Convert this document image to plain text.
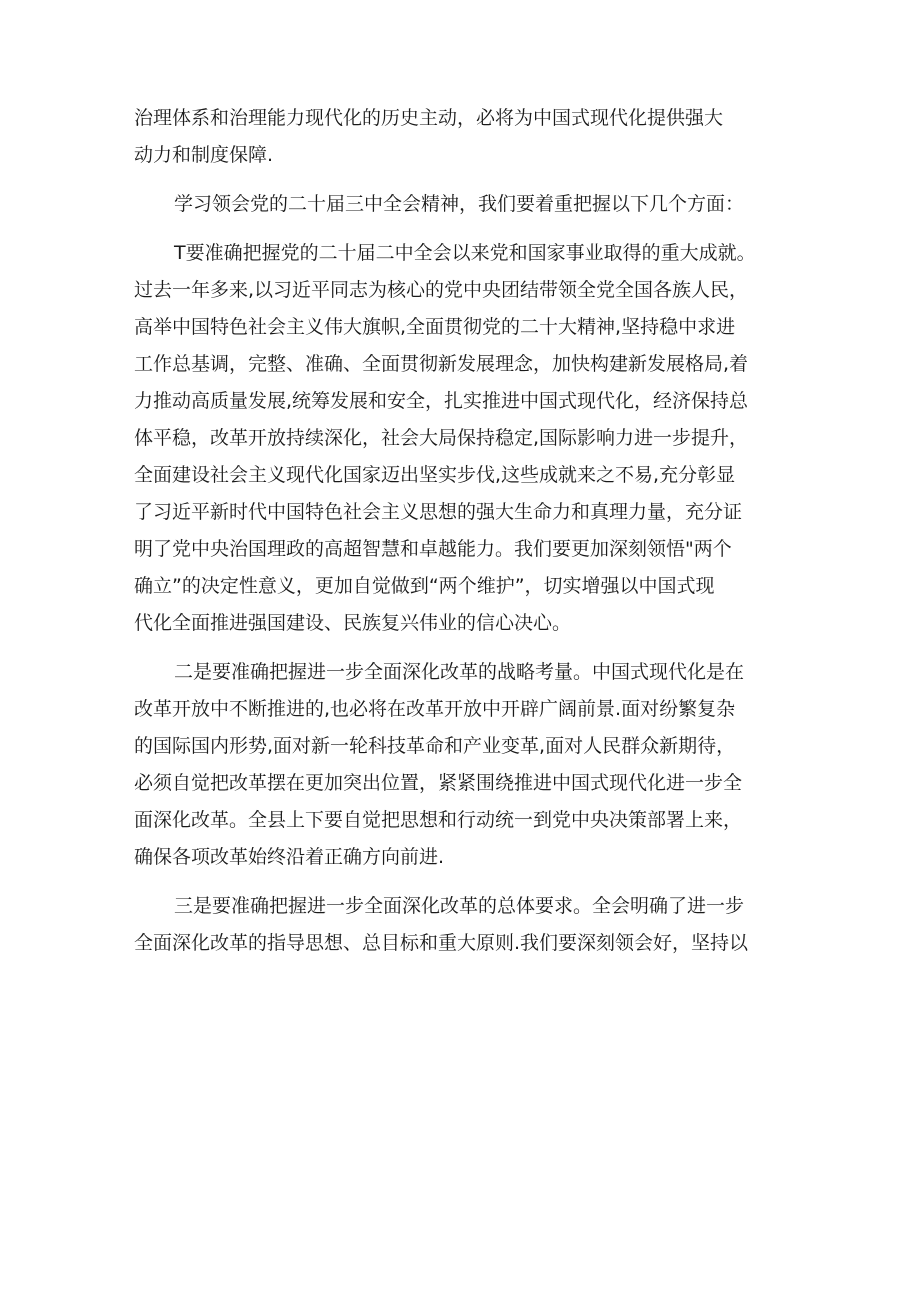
治理体系和治理能力现代化的历史主动，必将为中国式现代化提供强大
动力和制度保障.
学习领会党的二十届三中全会精神，我们要着重把握以下几个方面：
T要准确把握党的二十届二中全会以来党和国家事业取得的重大成就。
过去一年多来,以习近平同志为核心的党中央团结带领全党全国各族人民，
高举中国特色社会主义伟大旗帜,全面贯彻党的二十大精神,坚持稳中求进
工作总基调，完整、准确、全面贯彻新发展理念，加快构建新发展格局,着
力推动高质量发展,统筹发展和安全，扎实推进中国式现代化，经济保持总
体平稳，改革开放持续深化，社会大局保持稳定,国际影响力进一步提升，
全面建设社会主义现代化国家迈出坚实步伐,这些成就来之不易,充分彰显
了习近平新时代中国特色社会主义思想的强大生命力和真理力量，充分证
明了党中央治国理政的高超智慧和卓越能力。我们要更加深刻领悟"两个
确立”的决定性意义，更加自觉做到“两个维护”，切实增强以中国式现
代化全面推进强国建设、民族复兴伟业的信心决心。
二是要准确把握进一步全面深化改革的战略考量。中国式现代化是在
改革开放中不断推进的,也必将在改革开放中开辟广阔前景.面对纷繁复杂
的国际国内形势,面对新一轮科技革命和产业变革,面对人民群众新期待，
必须自觉把改革摆在更加突出位置，紧紧围绕推进中国式现代化进一步全
面深化改革。全县上下要自觉把思想和行动统一到党中央决策部署上来，
确保各项改革始终沿着正确方向前进.
三是要准确把握进一步全面深化改革的总体要求。全会明确了进一步
全面深化改革的指导思想、总目标和重大原则.我们要深刻领会好，坚持以
